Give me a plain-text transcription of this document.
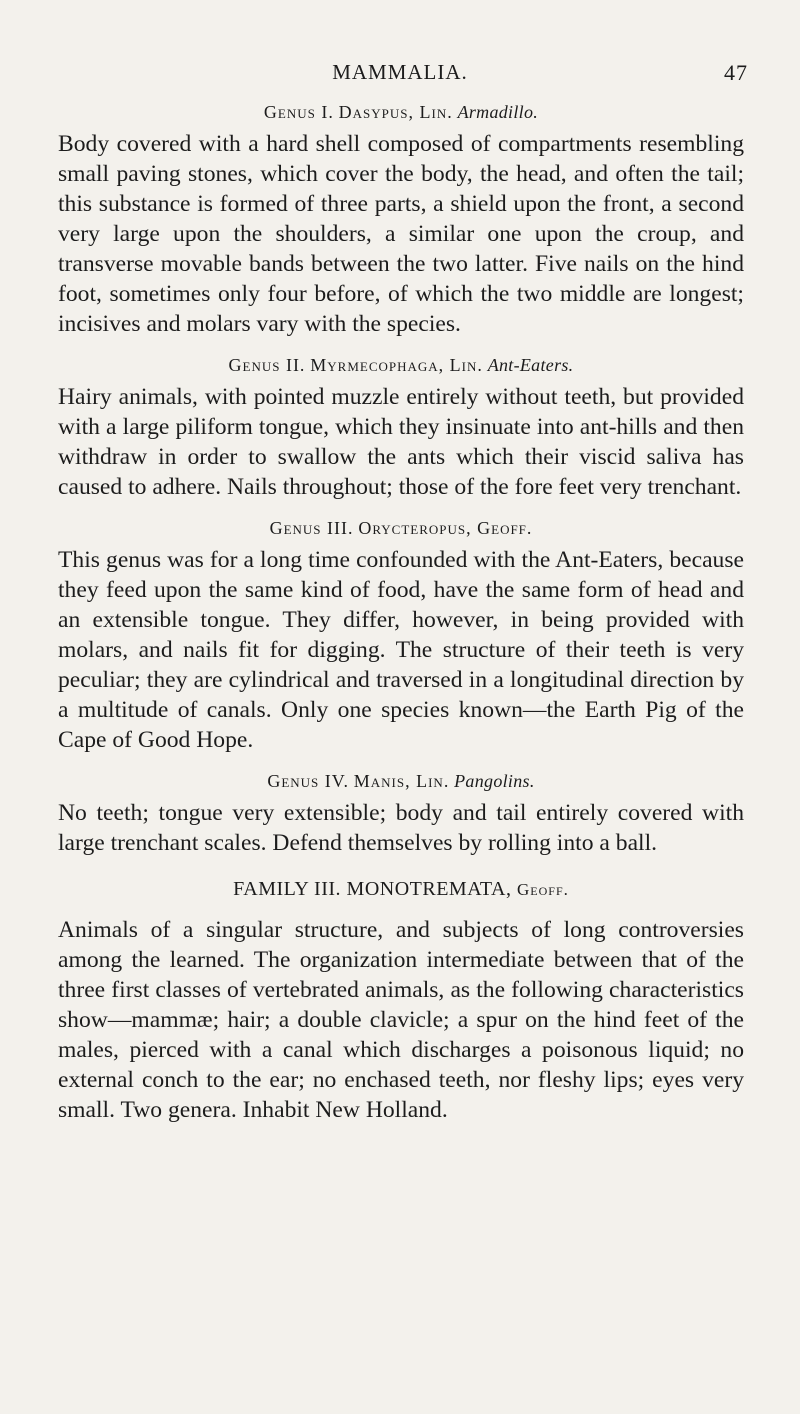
MAMMALIA.	47
Genus I. Dasypus, Lin. Armadillo.

Body covered with a hard shell composed of compartments resembling small paving stones, which cover the body, the head, and often the tail; this substance is formed of three parts, a shield upon the front, a second very large upon the shoulders, a similar one upon the croup, and transverse movable bands between the two latter. Five nails on the hind foot, sometimes only four before, of which the two middle are longest; incisives and molars vary with the species.

Genus II. Myrmecophaga, Lin. Ant-Eaters.

Hairy animals, with pointed muzzle entirely without teeth, but provided with a large piliform tongue, which they insinuate into ant-hills and then withdraw in order to swallow the ants which their viscid saliva has caused to adhere. Nails throughout; those of the fore feet very trenchant.

Genus III. Orycteropus, Geoff.

This genus was for a long time confounded with the Ant-Eaters, because they feed upon the same kind of food, have the same form of head and an extensible tongue. They differ, however, in being provided with molars, and nails fit for digging. The structure of their teeth is very peculiar; they are cylindrical and traversed in a longitudinal direction by a multitude of canals. Only one species known—the Earth Pig of the Cape of Good Hope.

Genus IV. Manis, Lin. Pangolins.

No teeth; tongue very extensible; body and tail entirely covered with large trenchant scales. Defend themselves by rolling into a ball.

FAMILY III. MONOTREMATA, Geoff.

Animals of a singular structure, and subjects of long controversies among the learned. The organization intermediate between that of the three first classes of vertebrated animals, as the following characteristics show—mammæ; hair; a double clavicle; a spur on the hind feet of the males, pierced with a canal which discharges a poisonous liquid; no external conch to the ear; no enchased teeth, nor fleshy lips; eyes very small. Two genera. Inhabit New Holland.
